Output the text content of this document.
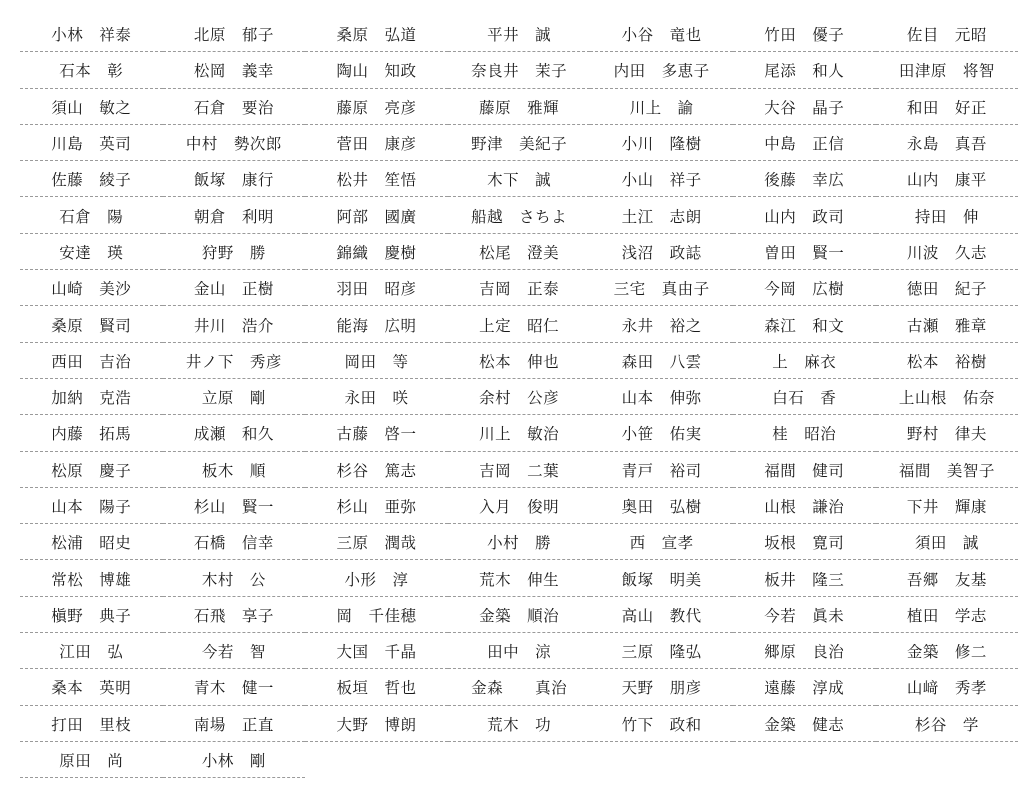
小林　祥泰	北原　郁子	桑原　弘道	平井　誠	小谷　竜也	竹田　優子	佐目　元昭
石本　彰	松岡　義幸	陶山　知政	奈良井　茉子	内田　多恵子	尾添　和人	田津原　将智
須山　敏之	石倉　要治	藤原　亮彦	藤原　雅輝	川上　諭	大谷　晶子	和田　好正
川島　英司	中村　勢次郎	菅田　康彦	野津　美紀子	小川　隆樹	中島　正信	永島　真吾
佐藤　綾子	飯塚　康行	松井　笙悟	木下　誠	小山　祥子	後藤　幸広	山内　康平
石倉　陽	朝倉　利明	阿部　國廣	船越　さちよ	土江　志朗	山内　政司	持田　伸
安達　瑛	狩野　勝	錦織　慶樹	松尾　澄美	浅沼　政誌	曽田　賢一	川波　久志
山崎　美沙	金山　正樹	羽田　昭彦	吉岡　正泰	三宅　真由子	今岡　広樹	徳田　紀子
桑原　賢司	井川　浩介	能海　広明	上定　昭仁	永井　裕之	森江　和文	古瀬　雅章
西田　吉治	井ノ下　秀彦	岡田　等	松本　伸也	森田　八雲	上　麻衣	松本　裕樹
加納　克浩	立原　剛	永田　咲	余村　公彦	山本　伸弥	白石　香	上山根　佑奈
内藤　拓馬	成瀬　和久	古藤　啓一	川上　敏治	小笹　佑実	桂　昭治	野村　律夫
松原　慶子	板木　順	杉谷　篤志	吉岡　二葉	青戸　裕司	福間　健司	福間　美智子
山本　陽子	杉山　賢一	杉山　亜弥	入月　俊明	奥田　弘樹	山根　謙治	下井　輝康
松浦　昭史	石橋　信幸	三原　潤哉	小村　勝	西　宣孝	坂根　寛司	須田　誠
常松　博雄	木村　公	小形　淳	荒木　伸生	飯塚　明美	板井　隆三	吾郷　友基
槇野　典子	石飛　享子	岡　千佳穂	金築　順治	高山　教代	今若　眞未	植田　学志
江田　弘	今若　智	大国　千晶	田中　涼	三原　隆弘	郷原　良治	金築　修二
桑本　英明	青木　健一	板垣　哲也	金森　　真治	天野　朋彦	遠藤　淳成	山﨑　秀孝
打田　里枝	南場　正直	大野　博朗	荒木　功	竹下　政和	金築　健志	杉谷　学
原田　尚	小林　剛
